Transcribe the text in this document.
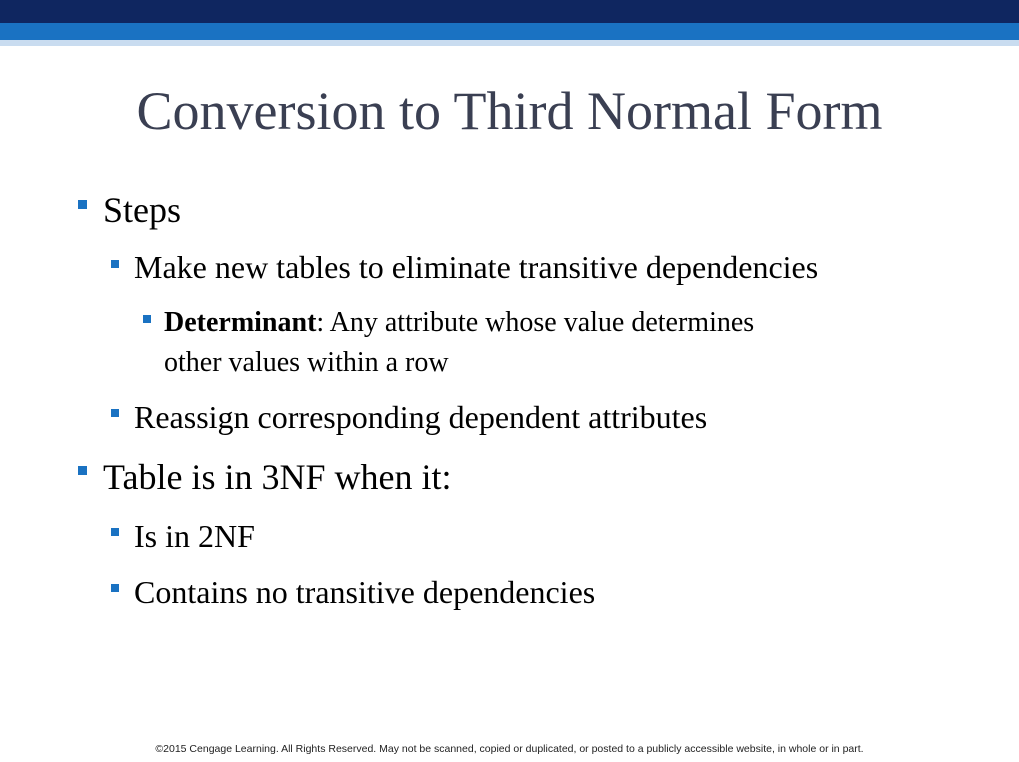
Conversion to Third Normal Form

Steps

Make new tables to eliminate transitive dependencies

Determinant: Any attribute whose value determines

other values within a row

Reassign corresponding dependent attributes

Table is in 3NF when it:

Is in 2NF

Contains no transitive dependencies

©2015 Cengage Learning. All Rights Reserved. May not be scanned, copied or duplicated, or posted to a publicly accessible website, in whole or in part.
